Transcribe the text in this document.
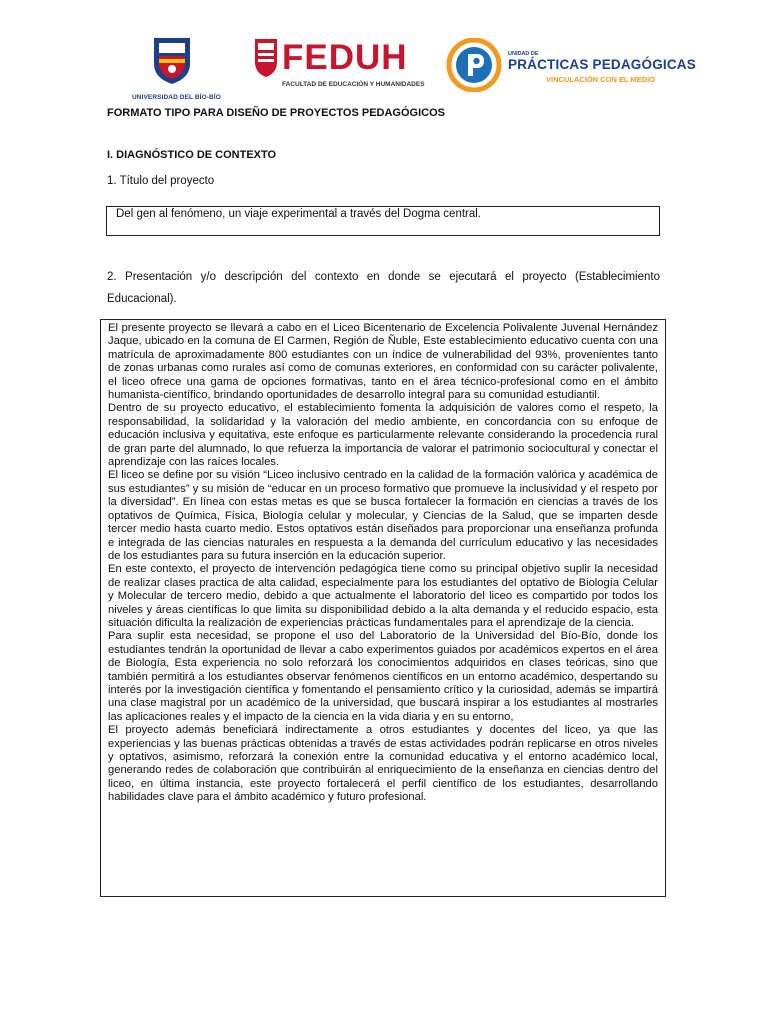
UNIVERSIDAD DEL BÍO-BÍO
FEDUH
FACULTAD DE EDUCACIÓN Y HUMANIDADES
UNIDAD DE
PRÁCTICAS PEDAGÓGICAS
VINCULACIÓN CON EL MEDIO
FORMATO TIPO PARA DISEÑO DE PROYECTOS PEDAGÓGICOS
I. DIAGNÓSTICO DE CONTEXTO
1. Título del proyecto
Del gen al fenómeno, un viaje experimental a través del Dogma central.
2. Presentación y/o descripción del contexto en donde se ejecutará el proyecto (Establecimiento Educacional).

El presente proyecto se llevará a cabo en el Liceo Bicentenario de Excelencia Polivalente Juvenal Hernández Jaque, ubicado en la comuna de El Carmen, Región de Ñuble, Este establecimiento educativo cuenta con una matrícula de aproximadamente 800 estudiantes con un índice de vulnerabilidad del 93%, provenientes tanto de zonas urbanas como rurales así como de comunas exteriores, en conformidad con su carácter polivalente, el liceo ofrece una gama de opciones formativas, tanto en el área técnico-profesional como en el ámbito humanista-científico, brindando oportunidades de desarrollo integral para su comunidad estudiantil.

Dentro de su proyecto educativo, el establecimiento fomenta la adquisición de valores como el respeto, la responsabilidad, la solidaridad y la valoración del medio ambiente, en concordancia con su enfoque de educación inclusiva y equitativa, este enfoque es particularmente relevante considerando la procedencia rural de gran parte del alumnado, lo que refuerza la importancia de valorar el patrimonio sociocultural y conectar el aprendizaje con las raíces locales.

El liceo se define por su visión “Liceo inclusivo centrado en la calidad de la formación valórica y académica de sus estudiantes” y su misión de “educar en un proceso formativo que promueve la inclusividad y el respeto por la diversidad”. En línea con estas metas es que se busca fortalecer la formación en ciencias a través de los optativos de Química, Física, Biología celular y molecular, y Ciencias de la Salud, que se imparten desde tercer medio hasta cuarto medio. Estos optativos están diseñados para proporcionar una enseñanza profunda e integrada de las ciencias naturales en respuesta a la demanda del currículum educativo y las necesidades de los estudiantes para su futura inserción en la educación superior.

En este contexto, el proyecto de intervención pedagógica tiene como su principal objetivo suplir la necesidad de realizar clases practica de alta calidad, especialmente para los estudiantes del optativo de Biología Celular y Molecular de tercero medio, debido a que actualmente el laboratorio del liceo es compartido por todos los niveles y áreas científicas lo que limita su disponibilidad debido a la alta demanda y el reducido espacio, esta situación dificulta la realización de experiencias prácticas fundamentales para el aprendizaje de la ciencia.

Para suplir esta necesidad, se propone el uso del Laboratorio de la Universidad del Bío-Bío, donde los estudiantes tendrán la oportunidad de llevar a cabo experimentos guiados por académicos expertos en el área de Biología, Esta experiencia no solo reforzará los conocimientos adquiridos en clases teóricas, sino que también permitirá a los estudiantes observar fenómenos científicos en un entorno académico, despertando su interés por la investigación científica y fomentando el pensamiento crítico y la curiosidad, además se impartirá una clase magistral por un académico de la universidad, que buscará inspirar a los estudiantes al mostrarles las aplicaciones reales y el impacto de la ciencia en la vida diaria y en su entorno,

El proyecto además beneficiará indirectamente a otros estudiantes y docentes del liceo, ya que las experiencias y las buenas prácticas obtenidas a través de estas actividades podrán replicarse en otros niveles y optativos, asimismo, reforzará la conexión entre la comunidad educativa y el entorno académico local, generando redes de colaboración que contribuirán al enriquecimiento de la enseñanza en ciencias dentro del liceo, en última instancia, este proyecto fortalecerá el perfil científico de los estudiantes, desarrollando habilidades clave para el ámbito académico y futuro profesional.
